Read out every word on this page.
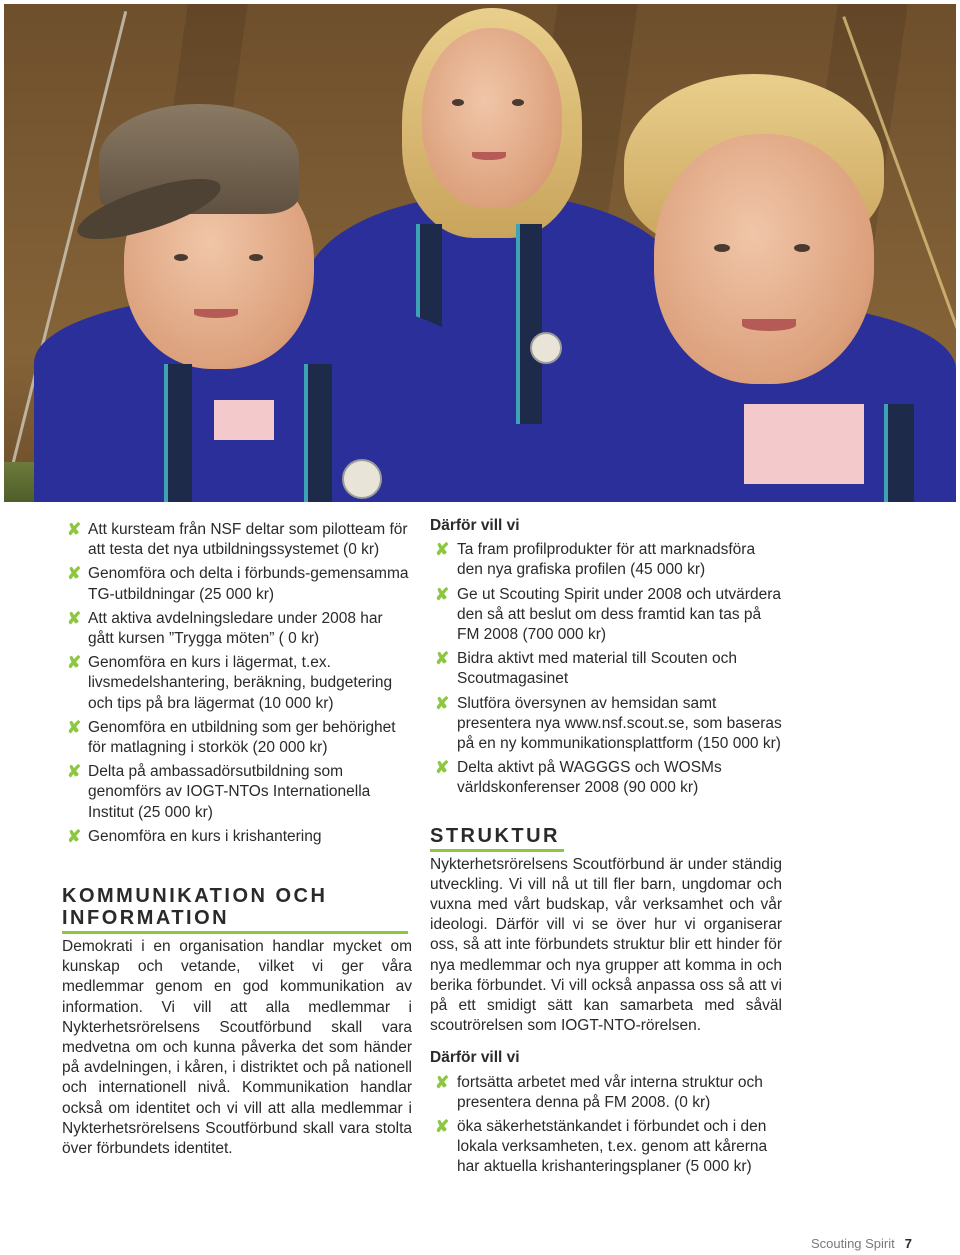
✘ Att kursteam från NSF deltar som pilotteam för att testa det nya utbildningssystemet (0 kr)
✘ Genomföra och delta i förbunds-gemensamma TG-utbildningar (25 000 kr)
✘ Att aktiva avdelningsledare under 2008 har gått kursen ”Trygga möten” ( 0 kr)
✘ Genomföra en kurs i lägermat, t.ex. livsmedelshantering, beräkning, budgetering och tips på bra lägermat (10 000 kr)
✘ Genomföra en utbildning som ger behörighet för matlagning i storkök (20 000 kr)
✘ Delta på ambassadörsutbildning som genomförs av IOGT-NTOs Internationella Institut (25 000 kr)
✘ Genomföra en kurs i krishantering
KOMMUNIKATION OCH INFORMATION

Demokrati i en organisation handlar mycket om kunskap och vetande, vilket vi ger våra medlemmar genom en god kommunikation av information. Vi vill att alla medlemmar i Nykterhetsrörelsens Scoutförbund skall vara medvetna om och kunna påverka det som händer på avdelningen, i kåren, i distriktet och på nationell och internationell nivå. Kommunikation handlar också om identitet och vi vill att alla medlemmar i Nykterhetsrörelsens Scoutförbund skall vara stolta över förbundets identitet.

Därför vill vi
✘ Ta fram profilprodukter för att marknadsföra den nya grafiska profilen (45 000 kr)
✘ Ge ut Scouting Spirit under 2008 och utvärdera den så att beslut om dess framtid kan tas på FM 2008 (700 000 kr)
✘ Bidra aktivt med material till Scouten och Scoutmagasinet
✘ Slutföra översynen av hemsidan samt presentera nya www.nsf.scout.se, som baseras på en ny kommunikationsplattform (150 000 kr)
✘ Delta aktivt på WAGGGS och WOSMs världskonferenser 2008 (90 000 kr)
STRUKTUR

Nykterhetsrörelsens Scoutförbund är under ständig utveckling. Vi vill nå ut till fler barn, ungdomar och vuxna med vårt budskap, vår verksamhet och vår ideologi. Därför vill vi se över hur vi organiserar oss, så att inte förbundets struktur blir ett hinder för nya medlemmar och nya grupper att komma in och berika förbundet. Vi vill också anpassa oss så att vi på ett smidigt sätt kan samarbeta med såväl scoutrörelsen som IOGT-NTO-rörelsen.

Därför vill vi
✘ fortsätta arbetet med vår interna struktur och presentera denna på FM 2008. (0 kr)
✘ öka säkerhetstänkandet i förbundet och i den lokala verksamheten, t.ex. genom att kårerna har aktuella krishanteringsplaner (5 000 kr)
Scouting Spirit 7
